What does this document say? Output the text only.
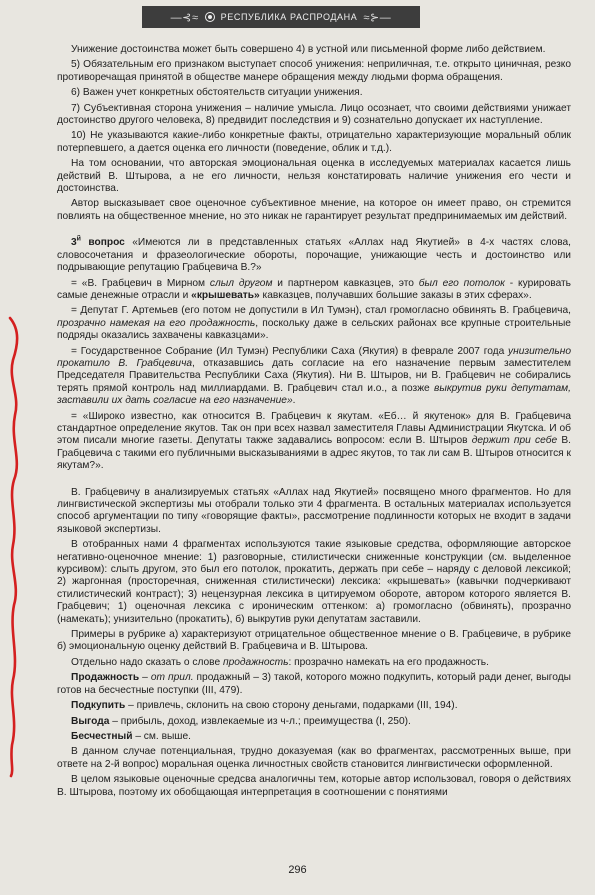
—⊰≈ РЕСПУБЛИКА РАСПРОДАНА ≈⊱—

Унижение достоинства может быть совершено 4) в устной или письменной форме либо действием.

5) Обязательным его признаком выступает способ унижения: неприличная, т.е. открыто циничная, резко противоречащая принятой в обществе манере обращения между людьми форма обращения.

6) Важен учет конкретных обстоятельств ситуации унижения.

7) Субъективная сторона унижения – наличие умысла. Лицо осознает, что своими действиями унижает достоинство другого человека, 8) предвидит последствия и 9) сознательно допускает их наступление.

10) Не указываются какие-либо конкретные факты, отрицательно характеризующие моральный облик потерпевшего, а дается оценка его личности (поведение, облик и т.д.).

На том основании, что авторская эмоциональная оценка в исследуемых материалах касается лишь действий В. Штырова, а не его личности, нельзя констатировать наличие унижения его чести и достоинства.

Автор высказывает свое оценочное субъективное мнение, на которое он имеет право, он стремится повлиять на общественное мнение, но это никак не гарантирует результат предпринимаемых им действий.

$3^й$ вопрос «Имеются ли в представленных статьях «Аллах над Якутией» в 4-х частях слова, словосочетания и фразеологические обороты, порочащие, унижающие честь и достоинство или подрывающие репутацию Грабцевича В.?»

= «В. Грабцевич в Мирном слыл другом и партнером кавказцев, это был его потолок - курировать самые денежные отрасли и «крышевать» кавказцев, получавших большие заказы в этих сферах».

= Депутат Г. Артемьев (его потом не допустили в Ил Тумэн), стал громогласно обвинять В. Грабцевича, прозрачно намекая на его продажность, поскольку даже в сельских районах все крупные строительные подряды оказались захвачены кавказцами».

= Государственное Собрание (Ил Тумэн) Республики Саха (Якутия) в феврале 2007 года унизительно прокатило В. Грабцевича, отказавшись дать согласие на его назначение первым заместителем Председателя Правительства Республики Саха (Якутия). Ни В. Штыров, ни В. Грабцевич не собирались терять прямой контроль над миллиардами. В. Грабцевич стал и.о., а позже выкрутив руки депутатам, заставили их дать согласие на его назначение».

= «Широко известно, как относится В. Грабцевич к якутам. «Еб… й якутенок» для В. Грабцевича стандартное определение якутов. Так он при всех назвал заместителя Главы Администрации Якутска. И об этом писали многие газеты. Депутаты также задавались вопросом: если В. Штыров держит при себе В. Грабцевича с такими его публичными высказываниями в адрес якутов, то так ли сам В. Штыров относится к якутам?».

В. Грабцевичу в анализируемых статьях «Аллах над Якутией» посвящено много фрагментов. Но для лингвистической экспертизы мы отобрали только эти 4 фрагмента. В остальных материалах используется способ аргументации по типу «говорящие факты», рассмотрение подлинности которых не входит в задачи языковой экспертизы.

В отобранных нами 4 фрагментах используются такие языковые средства, оформляющие авторское негативно-оценочное мнение: 1) разговорные, стилистически сниженные конструкции (см. выделенное курсивом): слыть другом, это был его потолок, прокатить, держать при себе – наряду с деловой лексикой; 2) жаргонная (просторечная, сниженная стилистически) лексика: «крышевать» (кавычки подчеркивают стилистический контраст); 3) нецензурная лексика в цитируемом обороте, автором которого является В. Грабцевич; 1) оценочная лексика с ироническим оттенком: а) громогласно (обвинять), прозрачно (намекать); унизительно (прокатить), б) выкрутив руки депутатам заставили.

Примеры в рубрике а) характеризуют отрицательное общественное мнение о В. Грабцевиче, в рубрике б) эмоциональную оценку действий В. Грабцевича и В. Штырова.

Отдельно надо сказать о слове продажность: прозрачно намекать на его продажность.

Продажность – от прил. продажный – 3) такой, которого можно подкупить, который ради денег, выгоды готов на бесчестные поступки (III, 479).

Подкупить – привлечь, склонить на свою сторону деньгами, подарками (III, 194).

Выгода – прибыль, доход, извлекаемые из ч-л.; преимущества (I, 250).

Бесчестный – см. выше.

В данном случае потенциальная, трудно доказуемая (как во фрагментах, рассмотренных выше, при ответе на 2-й вопрос) моральная оценка личностных свойств становится лингвистически оформленной.

В целом языковые оценочные средсва аналогичны тем, которые автор использовал, говоря о действиях В. Штырова, поэтому их обобщающая интерпретация в соотношении с понятиями

296
